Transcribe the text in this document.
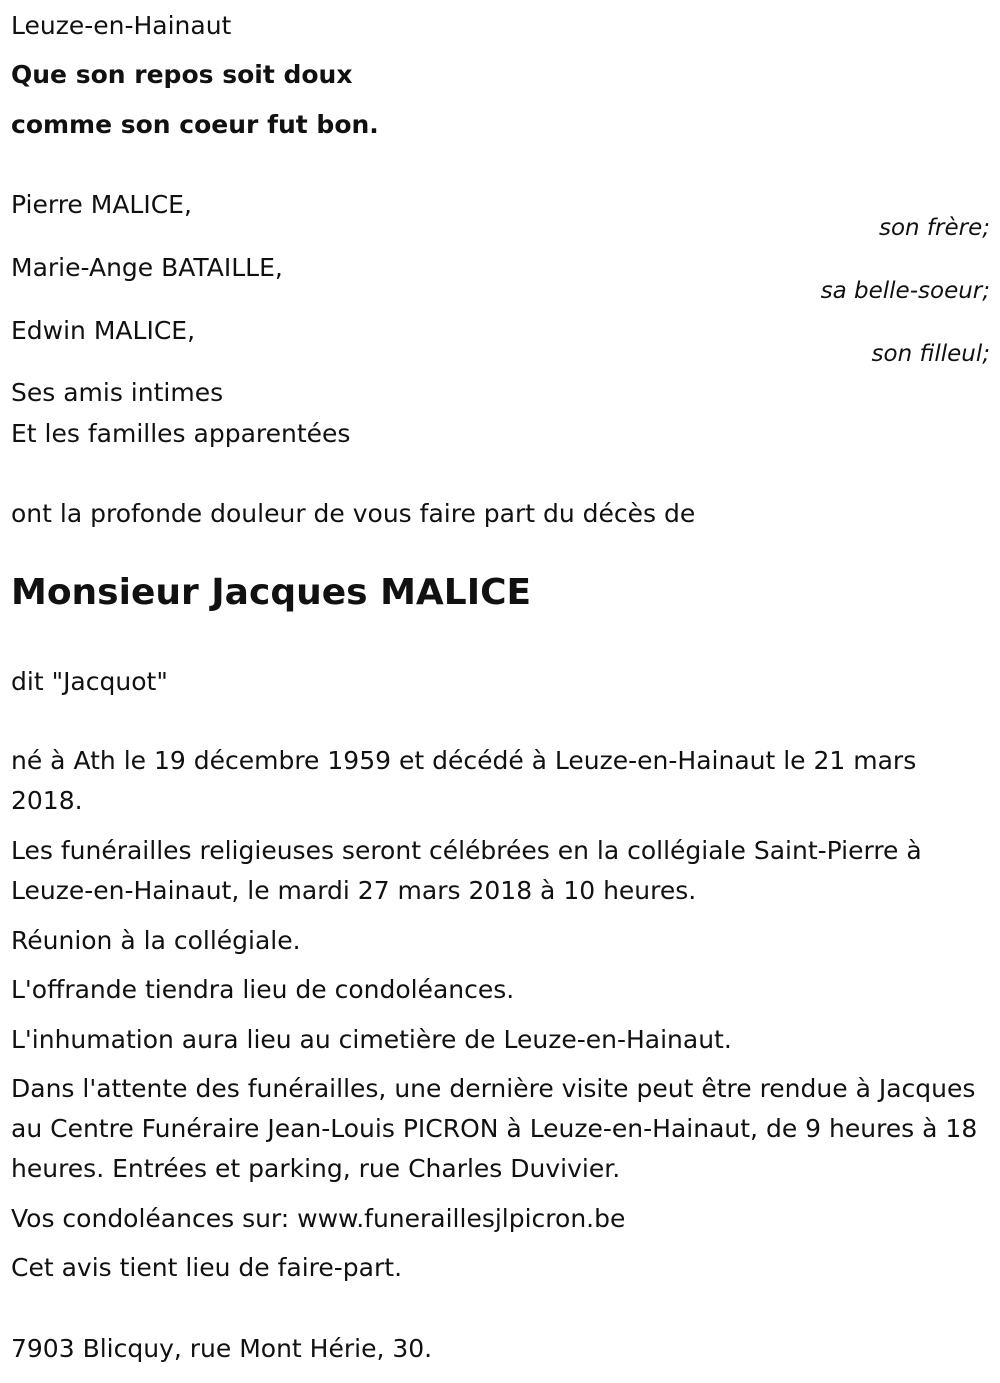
Leuze-en-Hainaut

Que son repos soit doux

comme son coeur fut bon.

Pierre MALICE,

son frère;

Marie-Ange BATAILLE,

sa belle-soeur;

Edwin MALICE,

son filleul;

Ses amis intimes

Et les familles apparentées

ont la profonde douleur de vous faire part du décès de

Monsieur Jacques MALICE

dit "Jacquot"

né à Ath le 19 décembre 1959 et décédé à Leuze-en-Hainaut le 21 mars 2018.

Les funérailles religieuses seront célébrées en la collégiale Saint-Pierre à Leuze-en-Hainaut, le mardi 27 mars 2018 à 10 heures.

Réunion à la collégiale.

L'offrande tiendra lieu de condoléances.

L'inhumation aura lieu au cimetière de Leuze-en-Hainaut.

Dans l'attente des funérailles, une dernière visite peut être rendue à Jacques au Centre Funéraire Jean-Louis PICRON à Leuze-en-Hainaut, de 9 heures à 18 heures. Entrées et parking, rue Charles Duvivier.

Vos condoléances sur: www.funeraillesjlpicron.be

Cet avis tient lieu de faire-part.

7903 Blicquy, rue Mont Hérie, 30.
